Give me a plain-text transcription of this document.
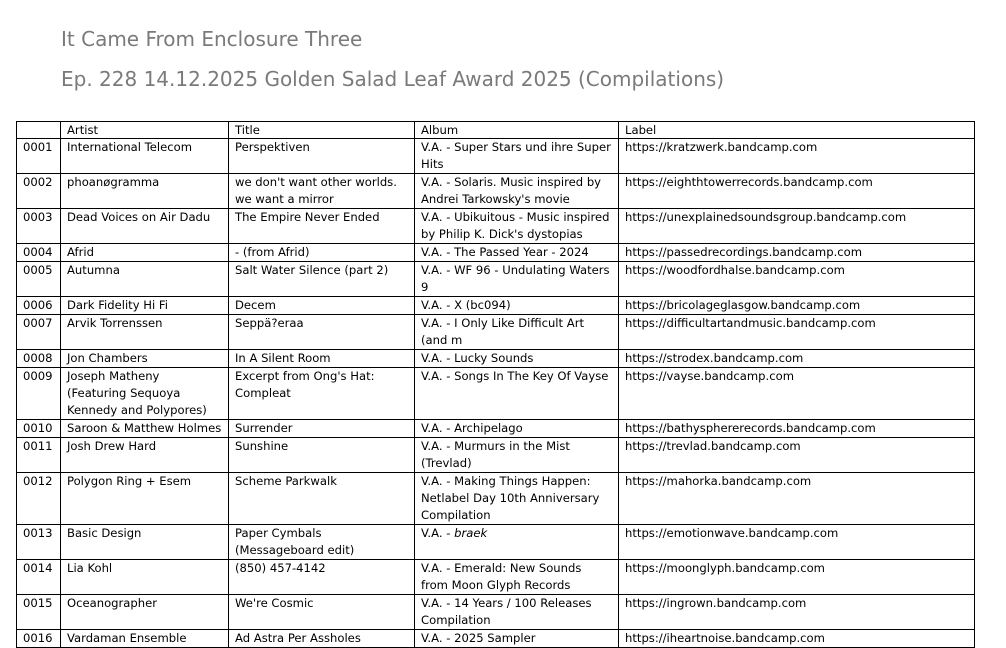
It Came From Enclosure Three
Ep. 228 14.12.2025 Golden Salad Leaf Award 2025 (Compilations)
	Artist	Title	Album	Label
0001	International Telecom	Perspektiven	V.A. - Super Stars und ihre Super Hits	https://kratzwerk.bandcamp.com
0002	phoanøgramma	we don't want other worlds. we want a mirror	V.A. - Solaris. Music inspired by Andrei Tarkowsky's movie	https://eighthtowerrecords.bandcamp.com
0003	Dead Voices on Air Dadu	The Empire Never Ended	V.A. - Ubikuitous - Music inspired by Philip K. Dick's dystopias	https://unexplainedsoundsgroup.bandcamp.com
0004	Afrid	- (from Afrid)	V.A. - The Passed Year - 2024	https://passedrecordings.bandcamp.com
0005	Autumna	Salt Water Silence (part 2)	V.A. - WF 96 - Undulating Waters 9	https://woodfordhalse.bandcamp.com
0006	Dark Fidelity Hi Fi	Decem	V.A. - X (bc094)	https://bricolageglasgow.bandcamp.com
0007	Arvik Torrenssen	Seppä?eraa	V.A. - I Only Like Difficult Art (and m	https://difficultartandmusic.bandcamp.com
0008	Jon Chambers	In A Silent Room	V.A. - Lucky Sounds	https://strodex.bandcamp.com
0009	Joseph Matheny (Featuring Sequoya Kennedy and Polypores)	Excerpt from Ong's Hat: Compleat	V.A. - Songs In The Key Of Vayse	https://vayse.bandcamp.com
0010	Saroon & Matthew Holmes	Surrender	V.A. - Archipelago	https://bathysphererecords.bandcamp.com
0011	Josh Drew Hard	Sunshine	V.A. - Murmurs in the Mist (Trevlad)	https://trevlad.bandcamp.com
0012	Polygon Ring + Esem	Scheme Parkwalk	V.A. - Making Things Happen: Netlabel Day 10th Anniversary Compilation	https://mahorka.bandcamp.com
0013	Basic Design	Paper Cymbals (Messageboard edit)	V.A. - braek	https://emotionwave.bandcamp.com
0014	Lia Kohl	(850) 457-4142	V.A. - Emerald: New Sounds from Moon Glyph Records	https://moonglyph.bandcamp.com
0015	Oceanographer	We're Cosmic	V.A. - 14 Years / 100 Releases Compilation	https://ingrown.bandcamp.com
0016	Vardaman Ensemble	Ad Astra Per Assholes	V.A. - 2025 Sampler	https://iheartnoise.bandcamp.com
